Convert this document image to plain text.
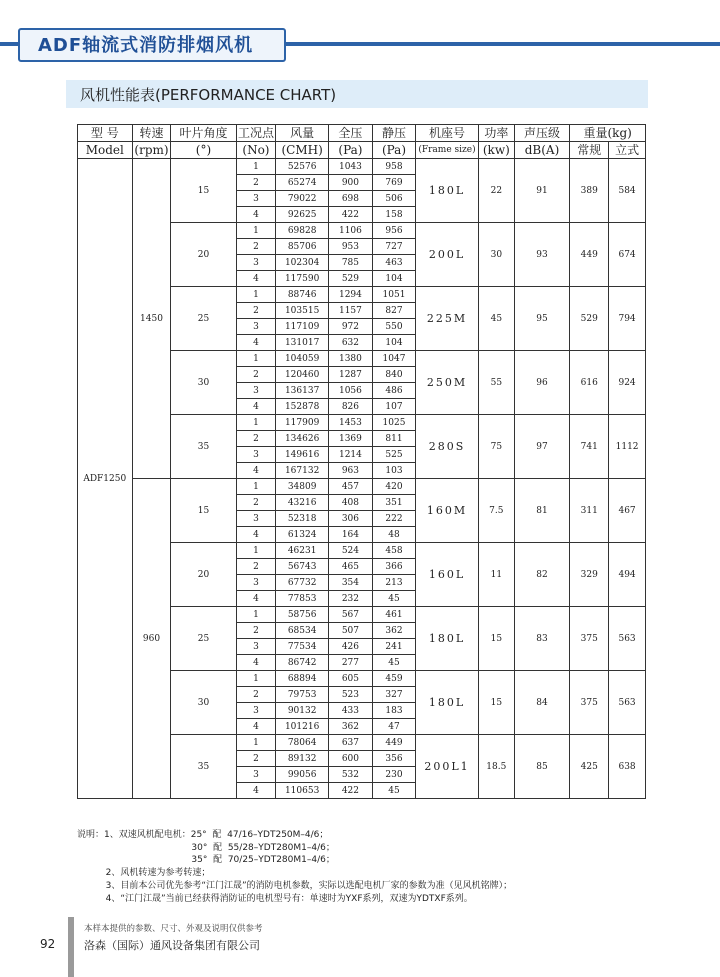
ADF轴流式消防排烟风机
风机性能表(PERFORMANCE CHART)
型 号	转速	叶片角度	工况点	风量	全压	静压	机座号	功率	声压级	重量(kg)	
Model	(rpm)	(°)	(No)	(CMH)	(Pa)	(Pa)	(Frame size)	(kw)	dB(A)	常规	立式
ADF1250	1450	15	1	52576	1043	958	180L	22	91	389	584
			2	65274	900	769					
			3	79022	698	506					
			4	92625	422	158					
		20	1	69828	1106	956	200L	30	93	449	674
			2	85706	953	727					
			3	102304	785	463					
			4	117590	529	104					
		25	1	88746	1294	1051	225M	45	95	529	794
			2	103515	1157	827					
			3	117109	972	550					
			4	131017	632	104					
		30	1	104059	1380	1047	250M	55	96	616	924
			2	120460	1287	840					
			3	136137	1056	486					
			4	152878	826	107					
		35	1	117909	1453	1025	280S	75	97	741	1112
			2	134626	1369	811					
			3	149616	1214	525					
			4	167132	963	103					
	960	15	1	34809	457	420	160M	7.5	81	311	467
			2	43216	408	351					
			3	52318	306	222					
			4	61324	164	48					
		20	1	46231	524	458	160L	11	82	329	494
			2	56743	465	366					
			3	67732	354	213					
			4	77853	232	45					
		25	1	58756	567	461	180L	15	83	375	563
			2	68534	507	362					
			3	77534	426	241					
			4	86742	277	45					
		30	1	68894	605	459	180L	15	84	375	563
			2	79753	523	327					
			3	90132	433	183					
			4	101216	362	47					
		35	1	78064	637	449	200L1	18.5	85	425	638
			2	89132	600	356					
			3	99056	532	230					
			4	110653	422	45					
说明：1、双速风机配电机：25°  配  47/16–YDT250M–4/6；
30°  配  55/28–YDT280M1–4/6；
35°  配  70/25–YDT280M1–4/6；
2、风机转速为参考转速；
3、目前本公司优先参考“江门江晟”的消防电机参数，实际以选配电机厂家的参数为准（见风机铭牌）；
4、“江门江晟”当前已经获得消防证的电机型号有：单速时为YXF系列，双速为YDTXF系列。
本样本提供的参数、尺寸、外观及说明仅供参考
92	洛森（国际）通风设备集团有限公司
